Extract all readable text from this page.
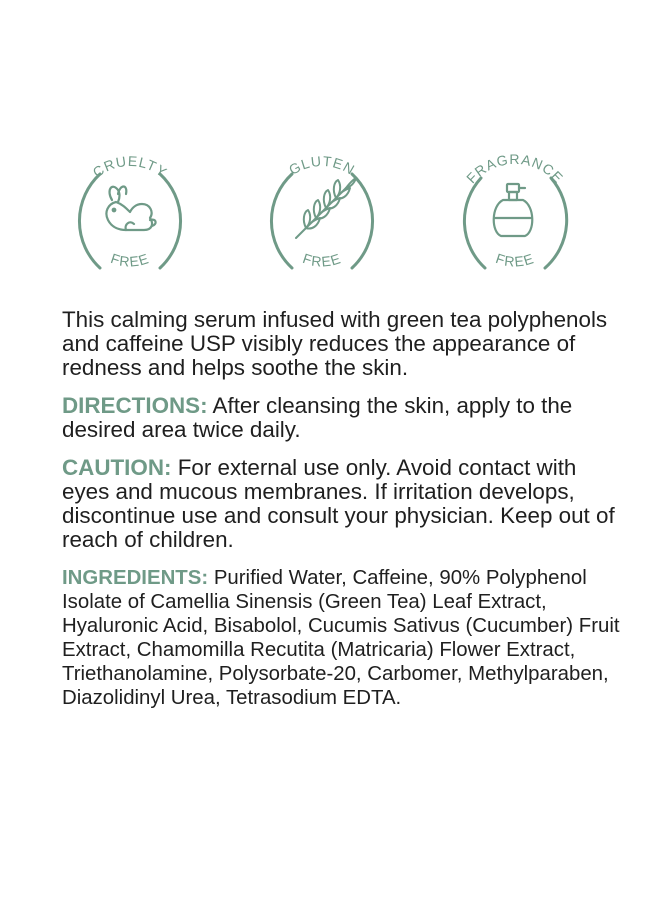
CRUELTY
FREE
GLUTEN
FREE
FRAGRANCE
FREE

This calming serum infused with green tea polyphenols and caffeine USP visibly reduces the appearance of redness and helps soothe the skin.

DIRECTIONS: After cleansing the skin, apply to the desired area twice daily.

CAUTION: For external use only. Avoid contact with eyes and mucous membranes. If irritation develops, discontinue use and consult your physician. Keep out of reach of children.

INGREDIENTS: Purified Water, Caffeine, 90% Polyphenol Isolate of Camellia Sinensis (Green Tea) Leaf Extract, Hyaluronic Acid, Bisabolol, Cucumis Sativus (Cucumber) Fruit Extract, Chamomilla Recutita (Matricaria) Flower Extract, Triethanolamine, Polysorbate-20, Carbomer, Methylparaben, Diazolidinyl Urea, Tetrasodium EDTA.
